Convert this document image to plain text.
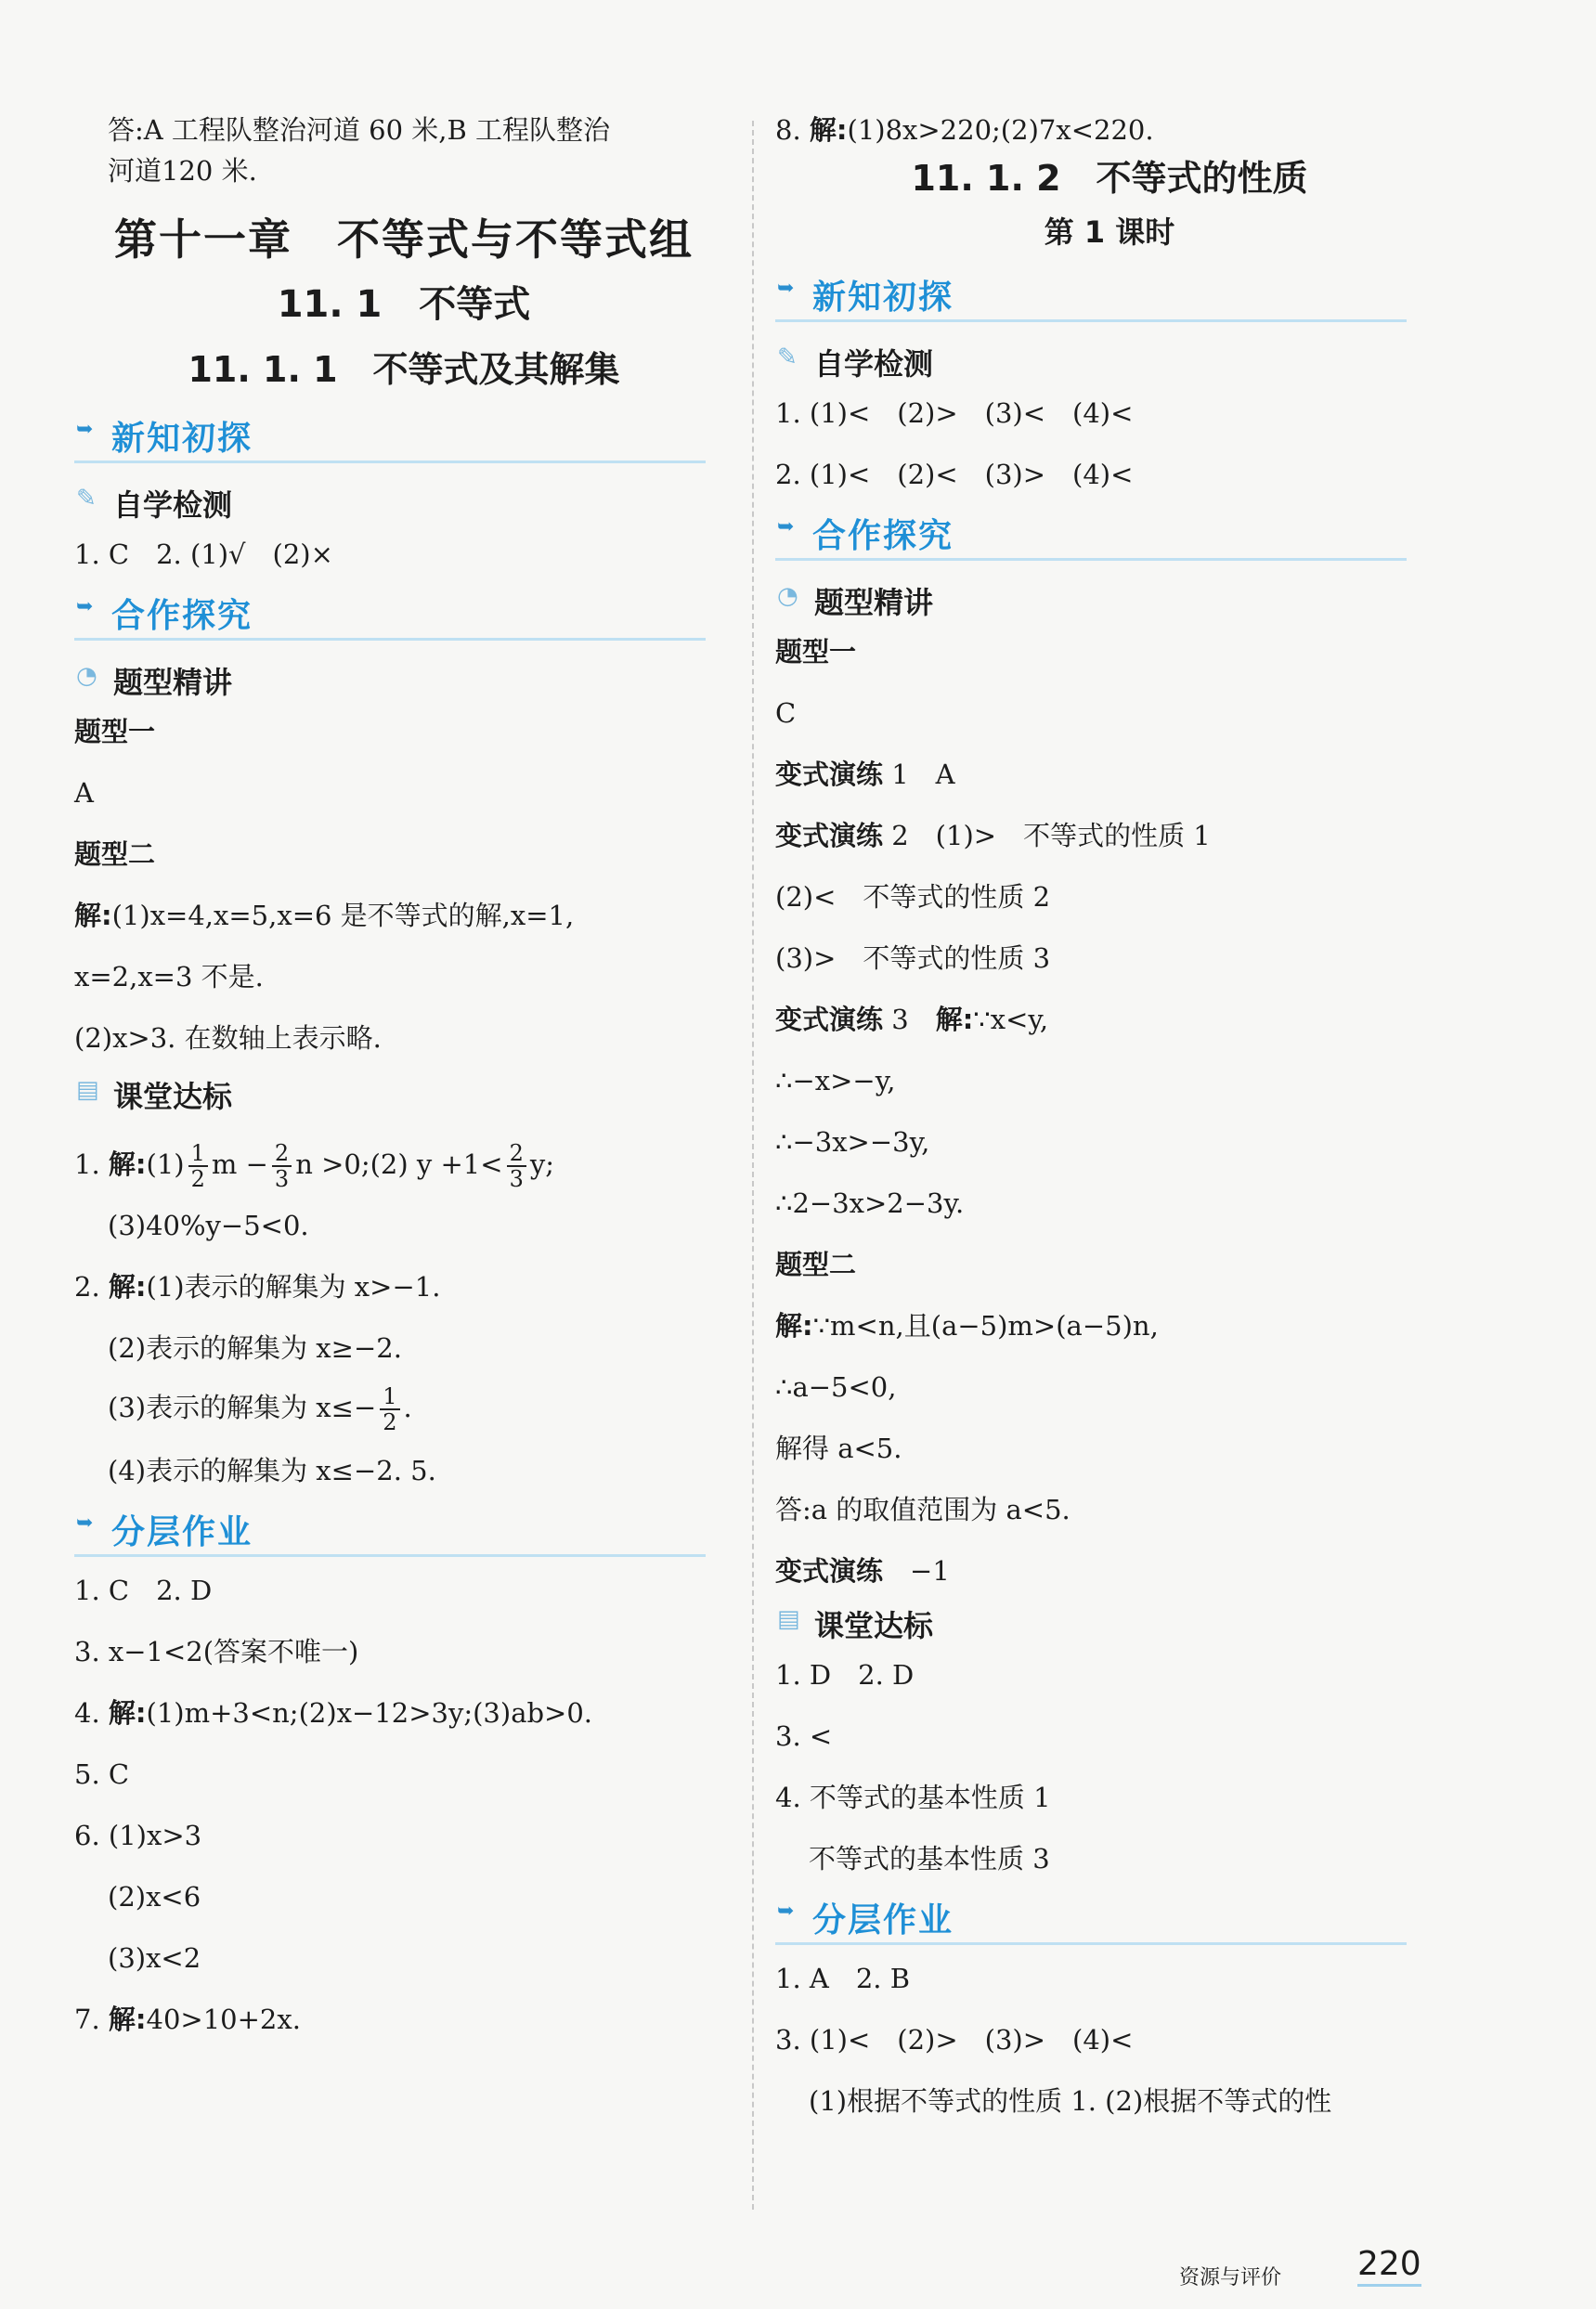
答:A 工程队整治河道 60 米,B 工程队整治
河道120 米.
第十一章　不等式与不等式组
11. 1　不等式
11. 1. 1　不等式及其解集
➥ 新知初探
✎ 自学检测
1. C　2. (1)√　(2)×
➥ 合作探究
◔ 题型精讲
题型一
A
题型二
解:(1)x=4,x=5,x=6 是不等式的解,x=1,
x=2,x=3 不是.
(2)x>3. 在数轴上表示略.
▤ 课堂达标
1. 解:(1) $\frac{1}{2}$ $m - \frac{2}{3}$ n >0;(2) $y +1< \frac{2}{3} y$;
(3)40%y−5<0.
2. 解:(1)表示的解集为 x>−1.
(2)表示的解集为 x≥−2.
(3)表示的解集为 $x\le- \frac{1}{2}$ .
(4)表示的解集为 x≤−2. 5.
➥ 分层作业
1. C　2. D
3. x−1<2(答案不唯一)
4. 解:(1)m+3<n;(2)x−12>3y;(3)ab>0.
5. C
6. (1)x>3
(2)x<6
(3)x<2
7. 解:40>10+2x.
8. 解:(1)8x>220;(2)7x<220.
11. 1. 2　不等式的性质
第 1 课时
➥ 新知初探
✎ 自学检测
1. (1)<　(2)>　(3)<　(4)<
2. (1)<　(2)<　(3)>　(4)<
➥ 合作探究
◔ 题型精讲
题型一
C
变式演练 1　A
变式演练 2　(1)>　不等式的性质 1
(2)<　不等式的性质 2
(3)>　不等式的性质 3
变式演练 3　解:∵x<y,
∴−x>−y,
∴−3x>−3y,
∴2−3x>2−3y.
题型二
解:∵m<n,且(a−5)m>(a−5)n,
∴a−5<0,
解得 a<5.
答:a 的取值范围为 a<5.
变式演练　−1
▤ 课堂达标
1. D　2. D
3. <
4. 不等式的基本性质 1
不等式的基本性质 3
➥ 分层作业
1. A　2. B
3. (1)<　(2)>　(3)>　(4)<
(1)根据不等式的性质 1. (2)根据不等式的性
资源与评价 220
